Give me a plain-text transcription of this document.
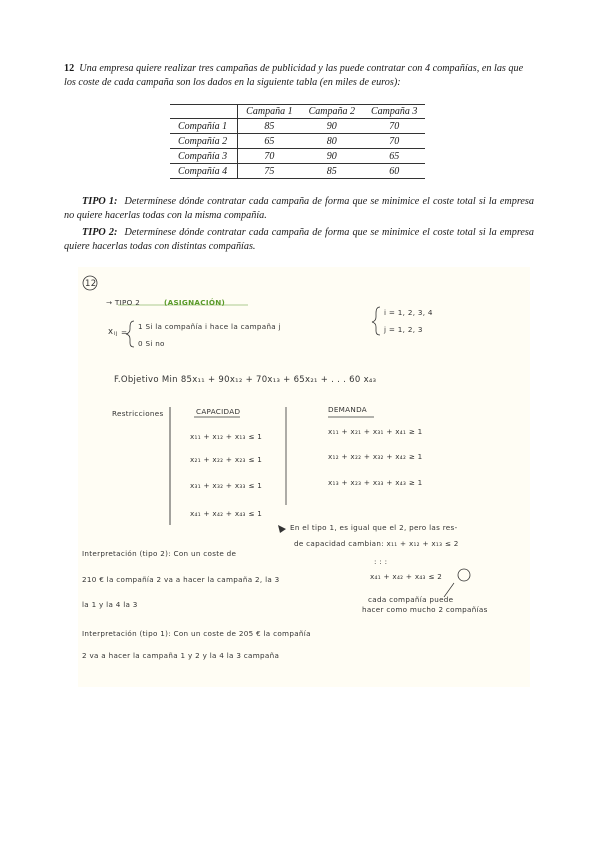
12 Una empresa quiere realizar tres campañas de publicidad y las puede contratar con 4 compañías, en las que los coste de cada campaña son los dados en la siguiente tabla (en miles de euros):
	Campaña 1	Campaña 2	Campaña 3
Compañía 1	85	90	70
Compañía 2	65	80	70
Compañía 3	70	90	65
Compañía 4	75	85	60
TIPO 1: Determínese dónde contratar cada campaña de forma que se minimice el coste total si la empresa no quiere hacerlas todas con la misma compañía.
TIPO 2: Determínese dónde contratar cada campaña de forma que se minimice el coste total si la empresa quiere hacerlas todas con distintas compañías.
12
→ TIPO 2	(ASIGNACIÓN)
x ij =
1 Si la compañía i hace la campaña j
0 Si no
i = 1, 2, 3, 4
j = 1, 2, 3
F.Objetivo Min 85x₁₁ + 90x₁₂ + 70x₁₃ + 65x₂₁ + . . . 60 x₄₃
Restricciones	CAPACIDAD	DEMANDA
x₁₁ + x₁₂ + x₁₃ ≤ 1
x₂₁ + x₂₂ + x₂₃ ≤ 1
x₃₁ + x₃₂ + x₃₃ ≤ 1
x₄₁ + x₄₂ + x₄₃ ≤ 1
x₁₁ + x₂₁ + x₃₁ + x₄₁ ≥ 1
x₁₂ + x₂₂ + x₃₂ + x₄₂ ≥ 1
x₁₃ + x₂₃ + x₃₃ + x₄₃ ≥ 1
En el tipo 1, es igual que el 2, pero las res-
de capacidad cambian: x₁₁ + x₁₂ + x₁₃ ≤ 2
: : :
x₄₁ + x₄₂ + x₄₃ ≤ 2
cada compañía puede
hacer como mucho 2 compañías
Interpretación (tipo 2): Con un coste de
210 € la compañía 2 va a hacer la campaña 2, la 3
la 1 y la 4 la 3
Interpretación (tipo 1): Con un coste de 205 € la compañía
2 va a hacer la campaña 1 y 2 y la 4 la 3 campaña
